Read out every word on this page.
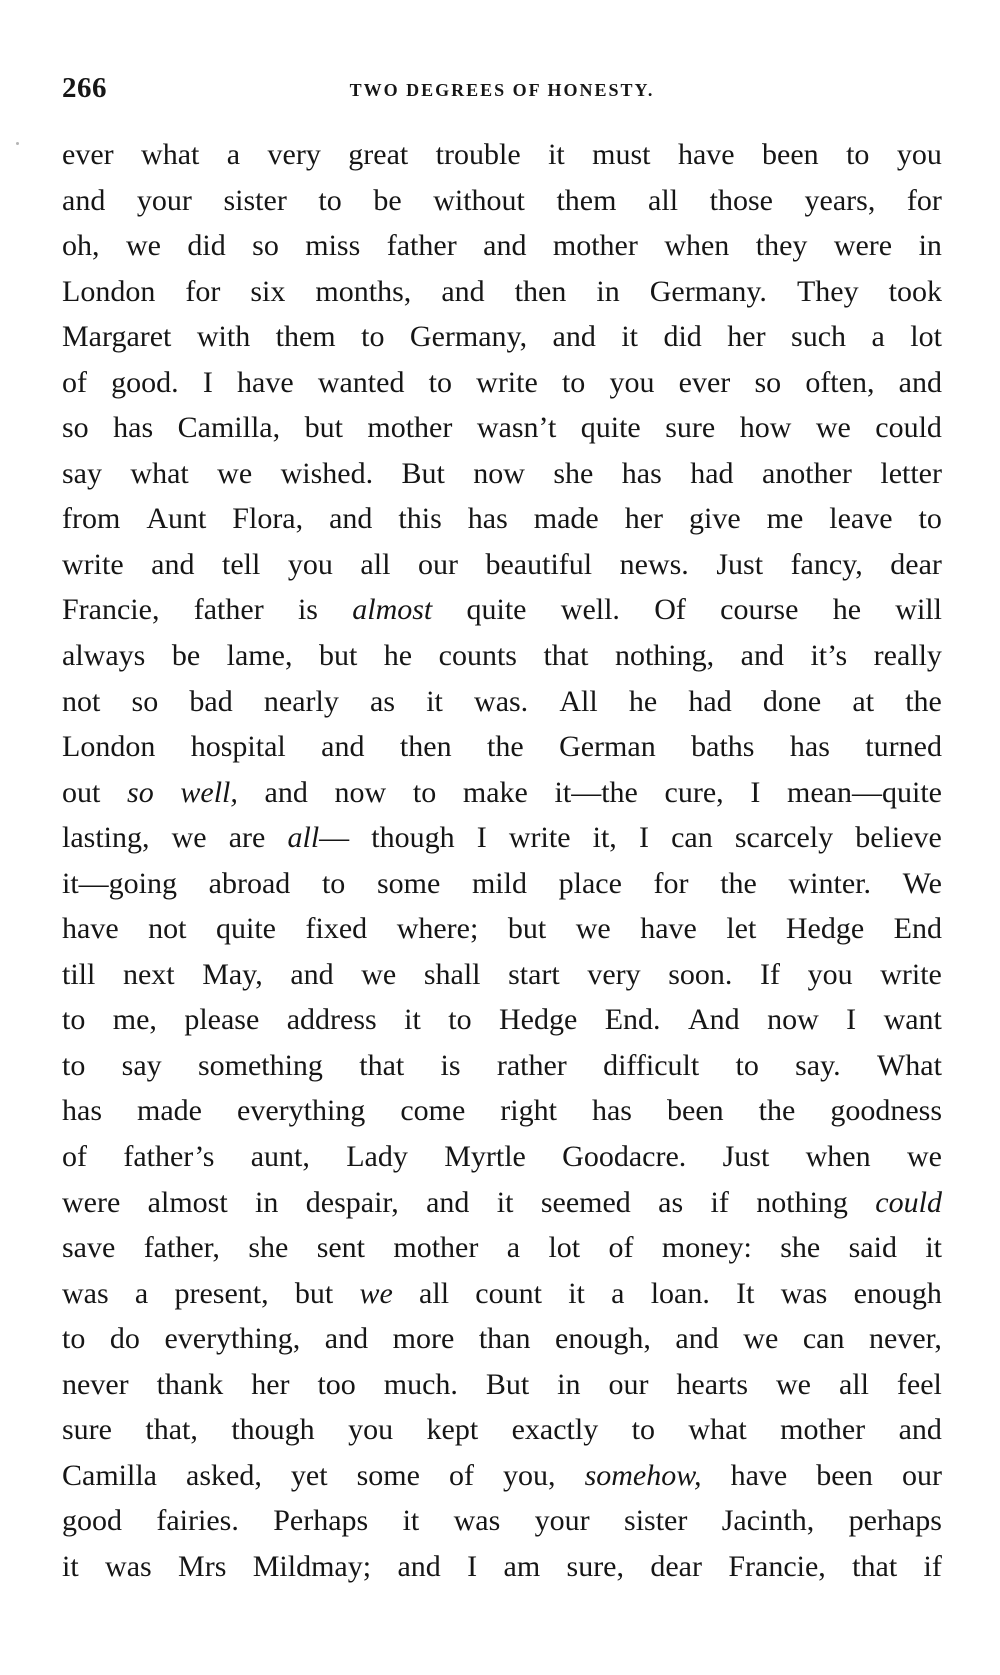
266	TWO DEGREES OF HONESTY.
ever what a very great trouble it must have been to you
and your sister to be without them all those years, for
oh, we did so miss father and mother when they were in
London for six months, and then in Germany. They took
Margaret with them to Germany, and it did her such a lot
of good. I have wanted to write to you ever so often, and
so has Camilla, but mother wasn’t quite sure how we could
say what we wished. But now she has had another letter
from Aunt Flora, and this has made her give me leave to
write and tell you all our beautiful news. Just fancy, dear
Francie, father is almost quite well. Of course he will
always be lame, but he counts that nothing, and it’s really
not so bad nearly as it was. All he had done at the
London hospital and then the German baths has turned
out so well, and now to make it—the cure, I mean—quite
lasting, we are all— though I write it, I can scarcely believe
it—going abroad to some mild place for the winter. We
have not quite fixed where; but we have let Hedge End
till next May, and we shall start very soon. If you write
to me, please address it to Hedge End. And now I want
to say something that is rather difficult to say. What
has made everything come right has been the goodness
of father’s aunt, Lady Myrtle Goodacre. Just when we
were almost in despair, and it seemed as if nothing could
save father, she sent mother a lot of money: she said it
was a present, but we all count it a loan. It was enough
to do everything, and more than enough, and we can never,
never thank her too much. But in our hearts we all feel
sure that, though you kept exactly to what mother and
Camilla asked, yet some of you, somehow, have been our
good fairies. Perhaps it was your sister Jacinth, perhaps
it was Mrs Mildmay; and I am sure, dear Francie, that if
